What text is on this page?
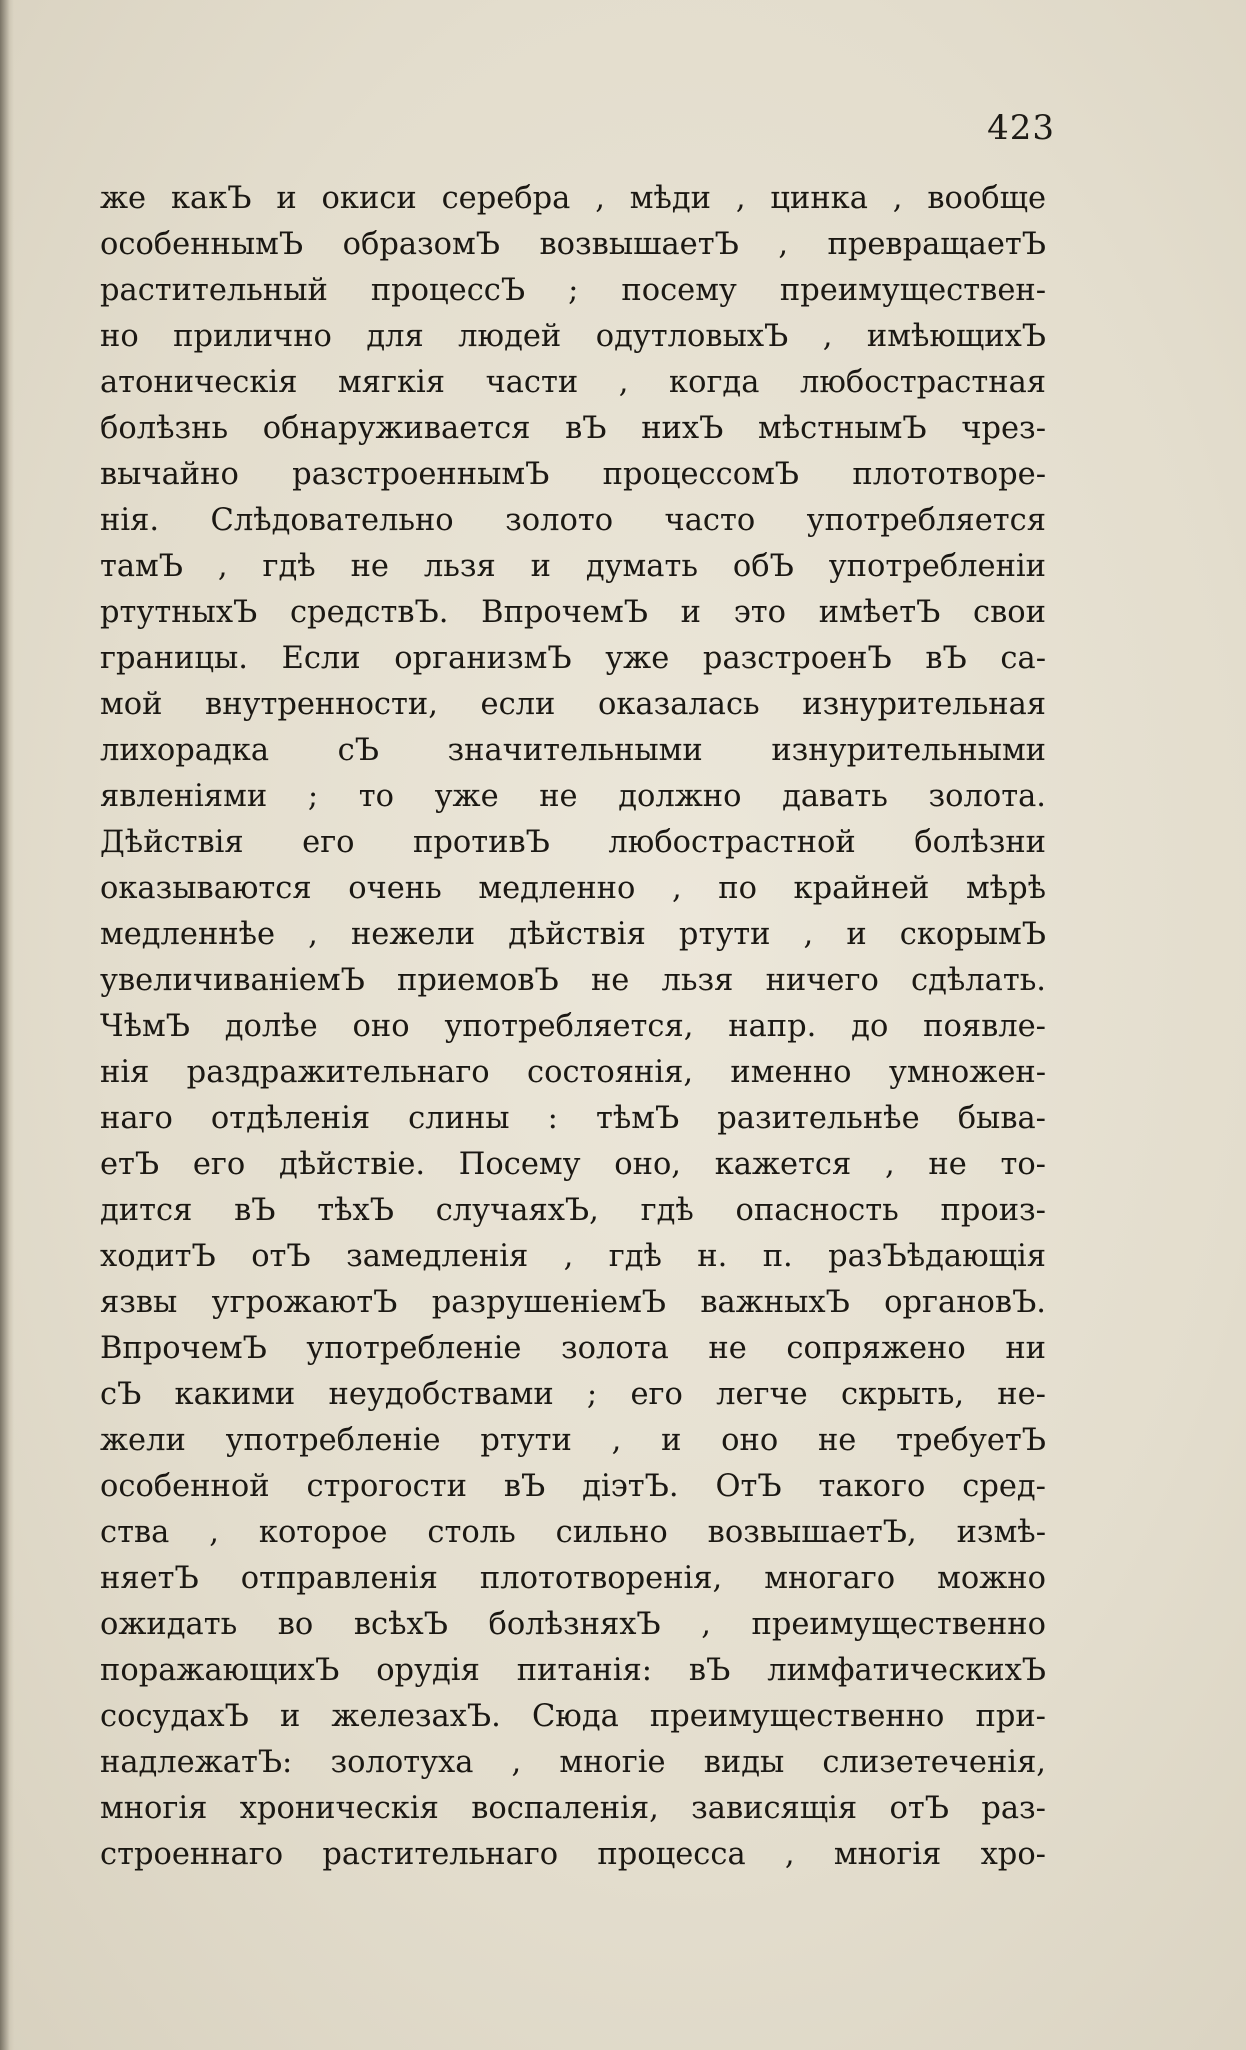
423
же какЪ и окиси серебра , мѣди , цинка , вообще
особеннымЪ образомЪ возвышаетЪ , превращаетЪ
раститeльный процессЪ ; посему преимуществен-
но прилично для людей одутловыхЪ , имѣющихЪ
атоническія мягкія части , когда любострастная
болѣзнь обнаруживается вЪ нихЪ мѣстнымЪ чрез-
вычайно разстроеннымЪ процессомЪ плототворе-
нія. Слѣдовательно золото часто употребляется
тамЪ , гдѣ не льзя и думать обЪ употребленіи
ртутныхЪ средствЪ. ВпрочемЪ и это имѣетЪ свои
границы. Если организмЪ уже разстроенЪ вЪ са-
мой внутренности, если оказалась изнурительная
лихорадка сЪ значительными изнурительными
явленіями ; то уже не должно давать золота.
Дѣйствія его противЪ любострастной болѣзни
оказываются очень медленно , по крайней мѣрѣ
медленнѣе , нежели дѣйствія ртути , и скорымЪ
увеличиваніемЪ приемовЪ не льзя ничего сдѣлать.
ЧѣмЪ долѣе оно употребляется, напр. до появле-
нія раздражительнаго состоянія, именно умножен-
наго отдѣленія слины : тѣмЪ разительнѣе быва-
етЪ его дѣйствіе. Посему оно, кажется , не то-
дится вЪ тѣхЪ случаяхЪ, гдѣ опасность произ-
ходитЪ отЪ замедленія , гдѣ н. п. разЪѣдающія
язвы угрожаютЪ разрушеніемЪ важныхЪ органовЪ.
ВпрочемЪ употребленіе золота не сопряжено ни
сЪ какими неудобствами ; его легче скрыть, не-
жели употребленіе ртути , и оно не требуетЪ
особенной строгости вЪ діэтЪ. ОтЪ такого сред-
ства , которое столь сильно возвышаетЪ, измѣ-
няетЪ отправленія плототворенія, многаго можно
ожидать во всѣхЪ болѣзняхЪ , преимущественно
поражающихЪ орудія питанія: вЪ лимфатическихЪ
сосудахЪ и железахЪ. Сюда преимущественно при-
надлежатЪ: золотуха , многіе виды слизетеченія,
многія хроническія воспаленія, зависящія отЪ раз-
строеннаго растительнаго процесса , многія хро-
